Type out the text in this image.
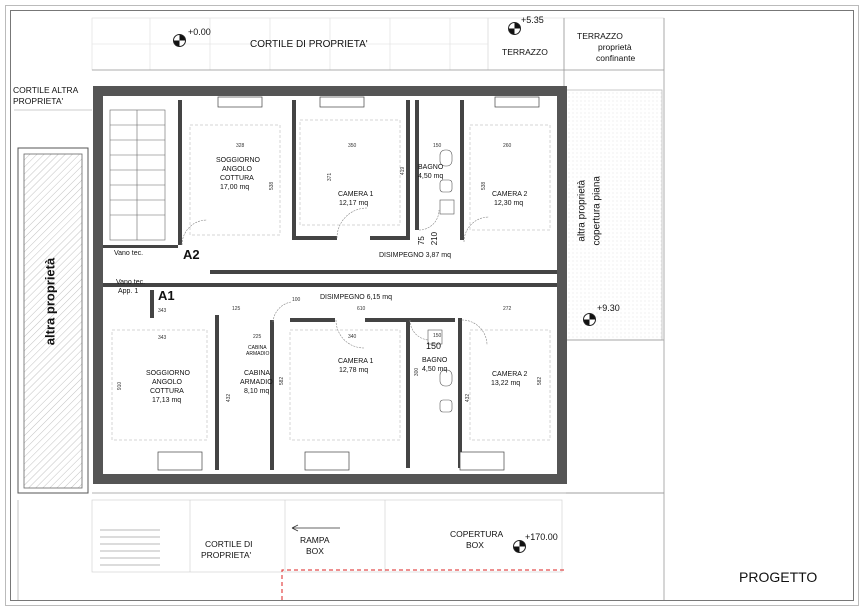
CORTILE DI PROPRIETA'
TERRAZZO
TERRAZZO
proprietà
confinante
CORTILE ALTRA
PROPRIETA'
altra proprietà
altra proprietà copertura piana
CORTILE DI
PROPRIETA'
RAMPA
BOX
COPERTURA
BOX
PROGETTO
+0.00
+5.35
+9.30
+170.00
A2
A1
SOGGIORNO
ANGOLO
COTTURA
17,00 mq
CAMERA 1
12,17 mq
BAGNO
4,50 mq
CAMERA 2
12,30 mq
DISIMPEGNO 3,87 mq
Vano tec.
Vano tec.
App. 1
DISIMPEGNO 6,15 mq
SOGGIORNO
ANGOLO
COTTURA
17,13 mq
CABINA
ARMADIO
CABINA
ARMADIO
8,10 mq
CAMERA 1
12,78 mq
BAGNO
4,50 mq
CAMERA 2
13,22 mq
328	350	150	260
538
371
419
538
75 210
343	125
100
610	272
343	225	340	150
150
910
432
582
300
432
582
